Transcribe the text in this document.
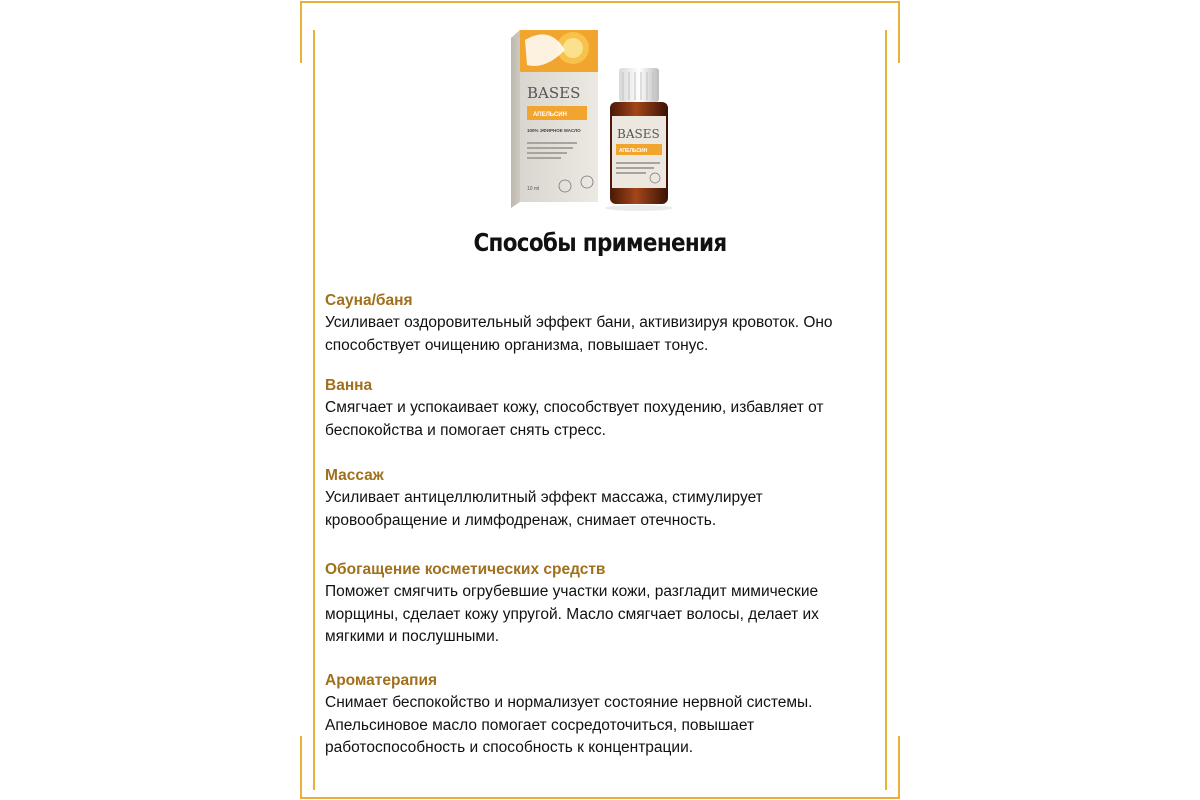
BASES
АПЕЛЬСИН
100% ЭФИРНОЕ МАСЛО
10 ml
BASES
АПЕЛЬСИН
Способы применения
Сауна/баня
Усиливает оздоровительный эффект бани, активизируя кровоток. Оно
способствует очищению организма, повышает тонус.
Ванна
Смягчает и успокаивает кожу, способствует похудению, избавляет от
беспокойства и помогает снять стресс.
Массаж
Усиливает антицеллюлитный эффект массажа, стимулирует
кровообращение и лимфодренаж, снимает отечность.
Обогащение косметических средств
Поможет смягчить огрубевшие участки кожи, разгладит мимические
морщины, сделает кожу упругой. Масло смягчает волосы, делает их
мягкими и послушными.
Ароматерапия
Снимает беспокойство и нормализует состояние нервной системы.
Апельсиновое масло помогает сосредоточиться, повышает
работоспособность и способность к концентрации.
